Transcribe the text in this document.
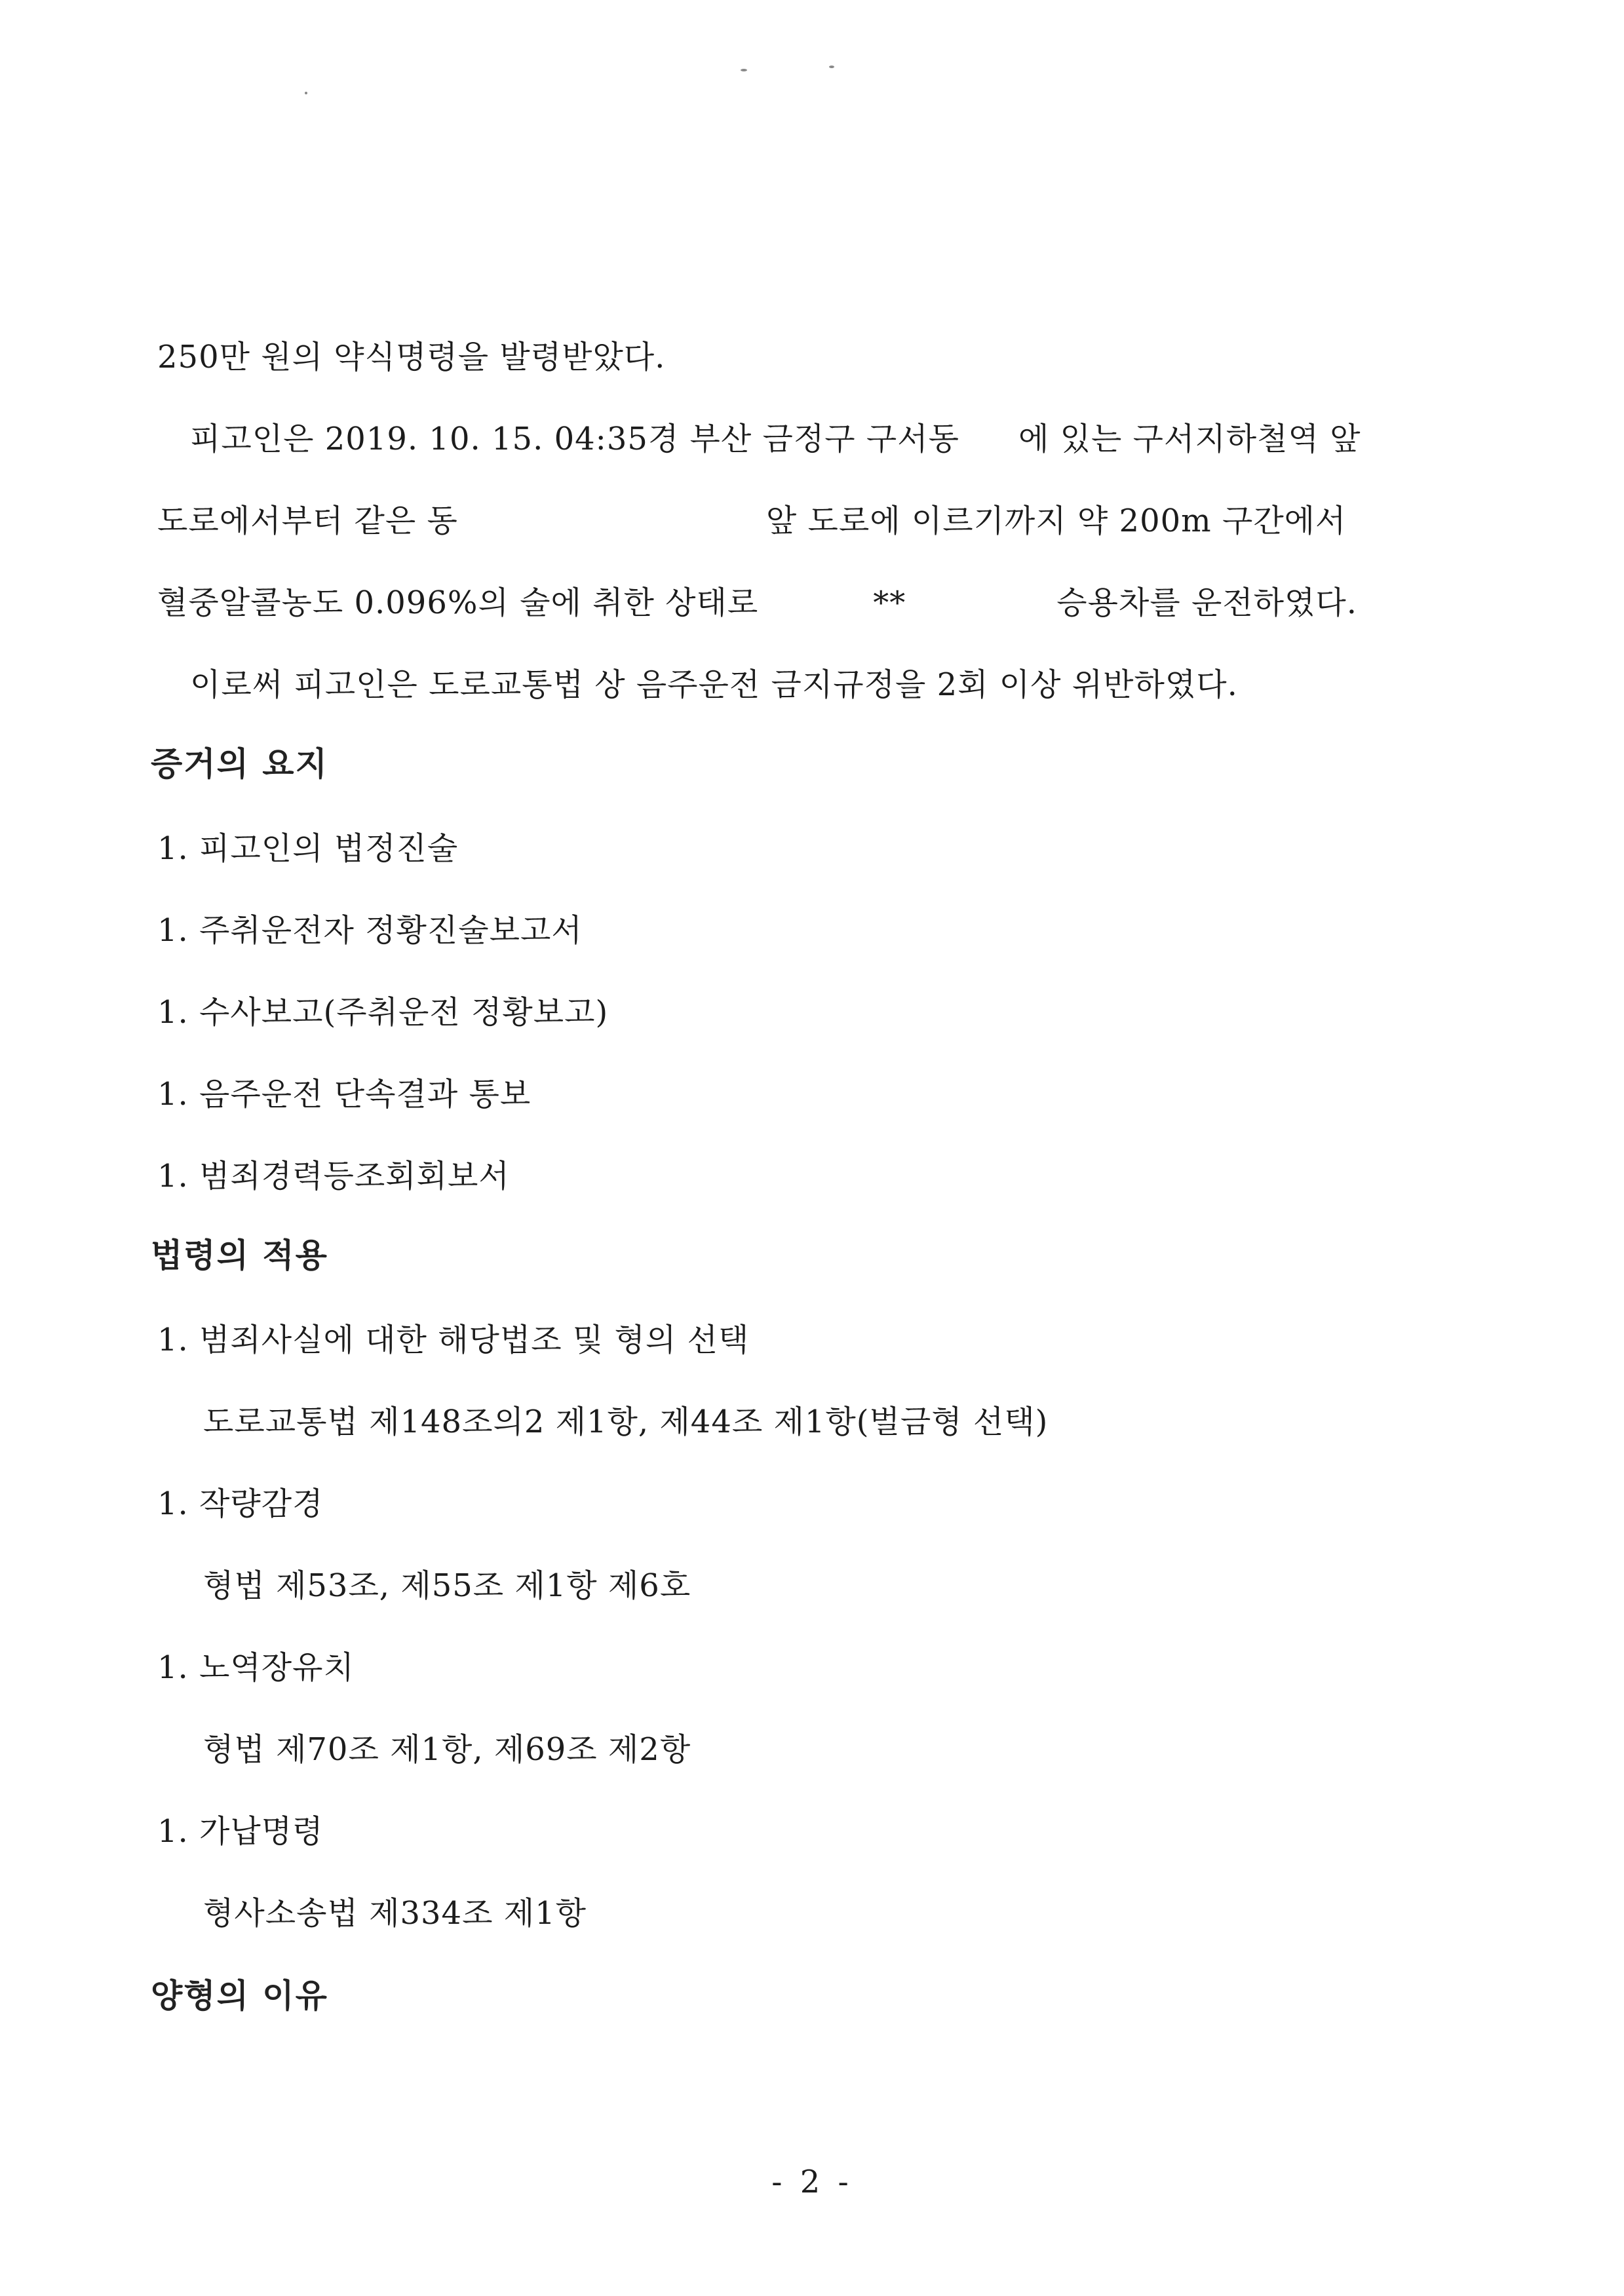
250만 원의 약식명령을 발령받았다.
피고인은 2019. 10. 15. 04:35경 부산 금정구 구서동 에 있는 구서지하철역 앞
도로에서부터 같은 동	앞 도로에 이르기까지 약 200m 구간에서
혈중알콜농도 0.096%의 술에 취한 상태로	**	승용차를 운전하였다.
이로써 피고인은 도로교통법 상 음주운전 금지규정을 2회 이상 위반하였다.
증거의 요지
1. 피고인의 법정진술
1. 주취운전자 정황진술보고서
1. 수사보고(주취운전 정황보고)
1. 음주운전 단속결과 통보
1. 범죄경력등조회회보서
법령의 적용
1. 범죄사실에 대한 해당법조 및 형의 선택
도로교통법 제148조의2 제1항, 제44조 제1항(벌금형 선택)
1. 작량감경
형법 제53조, 제55조 제1항 제6호
1. 노역장유치
형법 제70조 제1항, 제69조 제2항
1. 가납명령
형사소송법 제334조 제1항
양형의 이유
- 2 -
